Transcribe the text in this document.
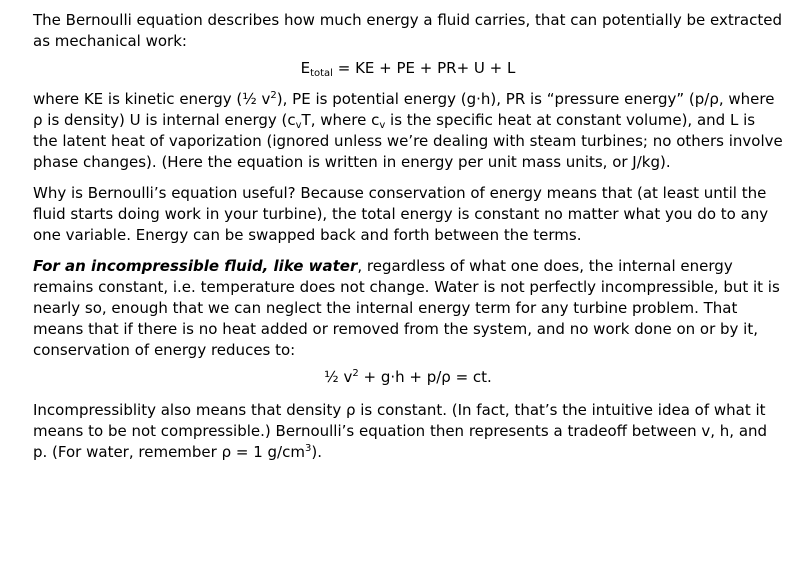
The Bernoulli equation describes how much energy a fluid carries, that can potentially be extracted as mechanical work:

$E_{total}$ = KE + PE + PR+ U + L

where KE is kinetic energy (½ $v^2$), PE is potential energy (g·h), PR is “pressure energy” (p/ρ, where ρ is density) U is internal energy ($c_vT$, where $c_v$ is the specific heat at constant volume), and L is the latent heat of vaporization (ignored unless we’re dealing with steam turbines; no others involve phase changes). (Here the equation is written in energy per unit mass units, or J/kg).

Why is Bernoulli’s equation useful? Because conservation of energy means that (at least until the fluid starts doing work in your turbine), the total energy is constant no matter what you do to any one variable. Energy can be swapped back and forth between the terms.

For an incompressible fluid, like water, regardless of what one does, the internal energy remains constant, i.e. temperature does not change. Water is not perfectly incompressible, but it is nearly so, enough that we can neglect the internal energy term for any turbine problem. That means that if there is no heat added or removed from the system, and no work done on or by it, conservation of energy reduces to:

½ $v^2 + g\cdot h + p/\rho$ = ct.

Incompressiblity also means that density ρ is constant. (In fact, that’s the intuitive idea of what it means to be not compressible.) Bernoulli’s equation then represents a tradeoff between v, h, and p. (For water, remember ρ = 1 $g/cm^3$).
